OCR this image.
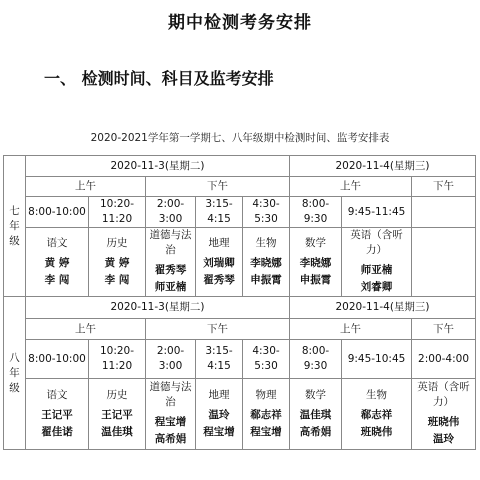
期中检测考务安排
一、 检测时间、科目及监考安排
2020-2021学年第一学期七、八年级期中检测时间、监考安排表
七
年
级	2020-11-3(星期二)					2020-11-4(星期三)		
	上午		下午			上午		下午
	8:00-10:00	10:20-11:20	2:00-3:00	3:15-4:15	4:30-5:30	8:00-9:30	9:45-11:45	

	语文
黄 婷
李 闯	历史
黄 婷
李 闯	道德与法治
翟秀琴
师亚楠	地理
刘瑞卿
翟秀琴	生物
李晓娜
申振霄	数学
李晓娜
申振霄	英语（含听力）
师亚楠
刘睿卿	

八
年
级	2020-11-3(星期二)					2020-11-4(星期三)		
	上午		下午			上午		下午
	8:00-10:00	10:20-11:20	2:00-3:00	3:15-4:15	4:30-5:30	8:00-9:30	9:45-10:45	2:00-4:00

	语文
王记平
翟佳诺	历史
王记平
温佳琪	道德与法治
程宝增
高希娟	地理
温玲
程宝增	物理
郗志祥
程宝增	数学
温佳琪
高希娟	生物
郗志祥
班晓伟	英语（含听力）
班晓伟
温玲
